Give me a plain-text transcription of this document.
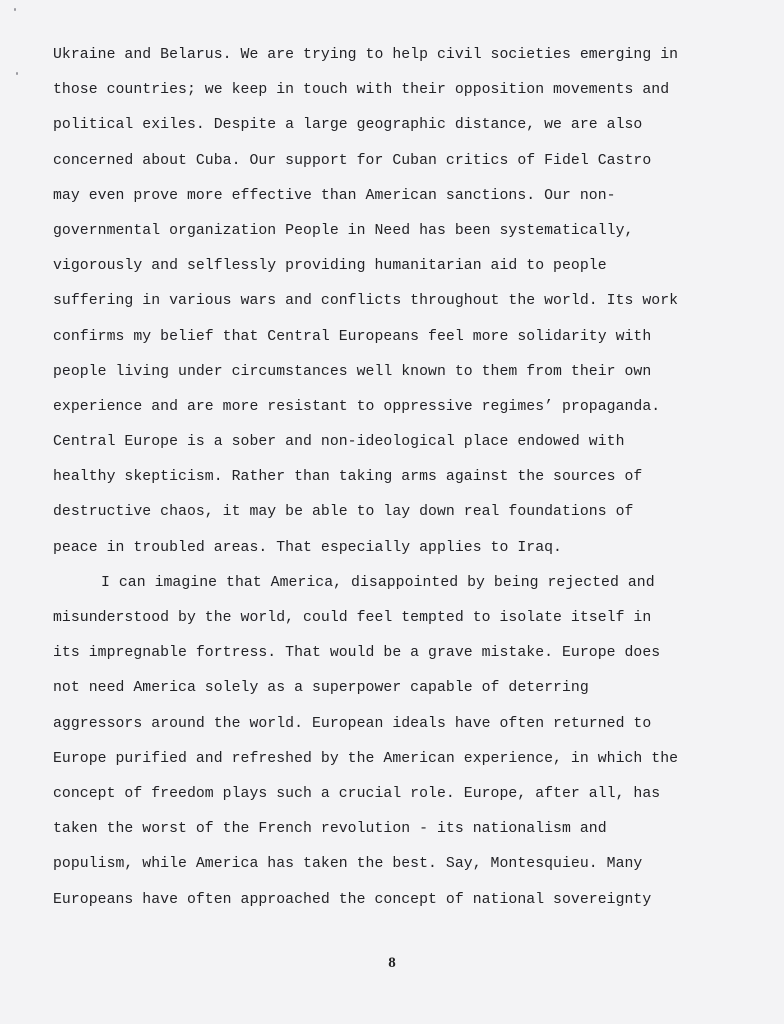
Ukraine and Belarus. We are trying to help civil societies emerging in
those countries; we keep in touch with their opposition movements and
political exiles. Despite a large geographic distance, we are also
concerned about Cuba. Our support for Cuban critics of Fidel Castro
may even prove more effective than American sanctions. Our non-
governmental organization People in Need has been systematically,
vigorously and selflessly providing humanitarian aid to people
suffering in various wars and conflicts throughout the world. Its work
confirms my belief that Central Europeans feel more solidarity with
people living under circumstances well known to them from their own
experience and are more resistant to oppressive regimes’ propaganda.
Central Europe is a sober and non-ideological place endowed with
healthy skepticism. Rather than taking arms against the sources of
destructive chaos, it may be able to lay down real foundations of
peace in troubled areas. That especially applies to Iraq.
I can imagine that America, disappointed by being rejected and
misunderstood by the world, could feel tempted to isolate itself in
its impregnable fortress. That would be a grave mistake. Europe does
not need America solely as a superpower capable of deterring
aggressors around the world. European ideals have often returned to
Europe purified and refreshed by the American experience, in which the
concept of freedom plays such a crucial role. Europe, after all, has
taken the worst of the French revolution - its nationalism and
populism, while America has taken the best. Say, Montesquieu. Many
Europeans have often approached the concept of national sovereignty
8
